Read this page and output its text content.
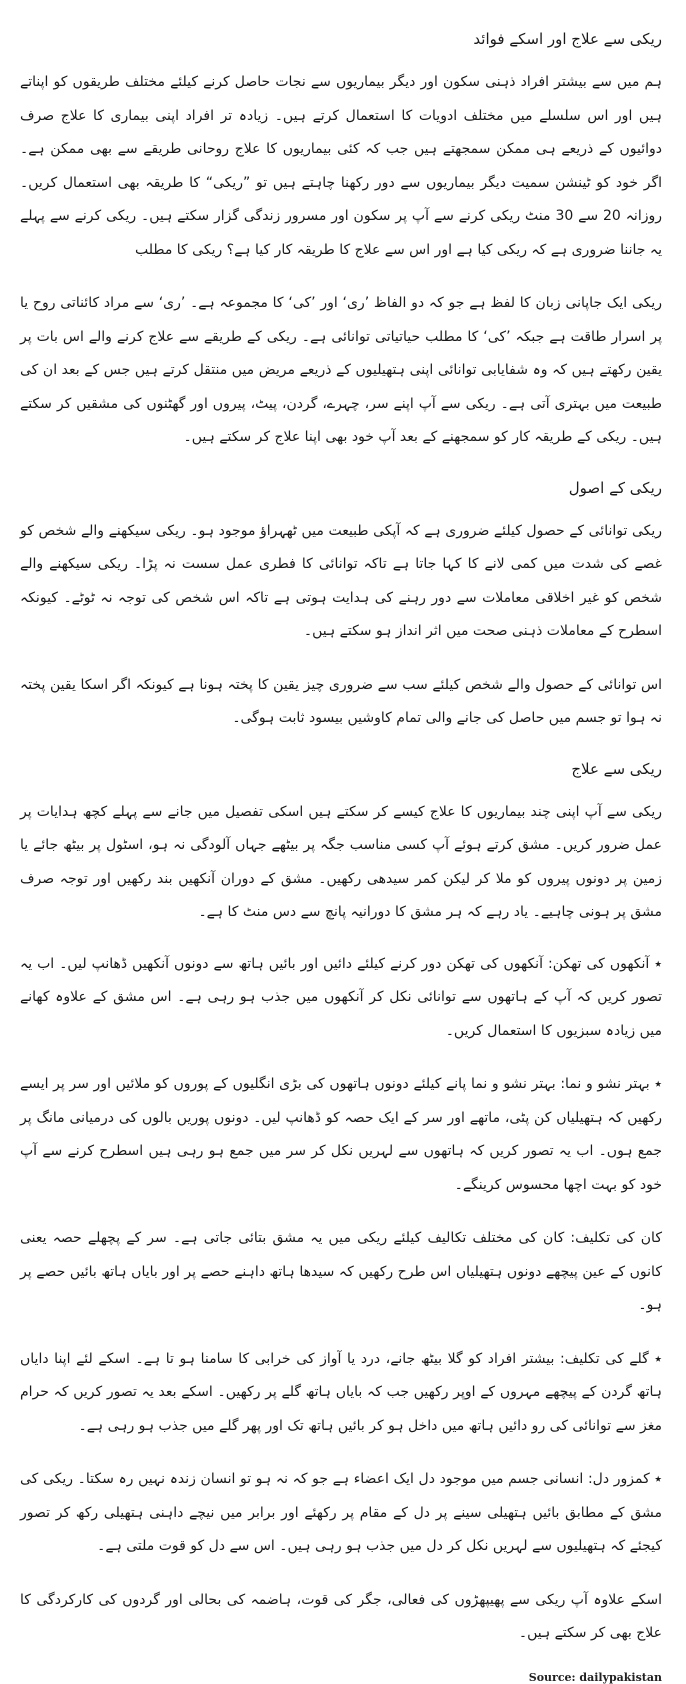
ریکی سے علاج اور اسکے فوائد

ہم میں سے بیشتر افراد ذہنی سکون اور دیگر بیماریوں سے نجات حاصل کرنے کیلئے مختلف طریقوں کو اپناتے ہیں اور اس سلسلے میں مختلف ادویات کا استعمال کرتے ہیں۔ زیادہ تر افراد اپنی بیماری کا علاج صرف دوائیوں کے ذریعے ہی ممکن سمجھتے ہیں جب کہ کئی بیماریوں کا علاج روحانی طریقے سے بھی ممکن ہے۔ اگر خود کو ٹینشن سمیت دیگر بیماریوں سے دور رکھنا چاہتے ہیں تو ”ریکی“ کا طریقہ بھی استعمال کریں۔ روزانہ 20 سے 30 منٹ ریکی کرنے سے آپ پر سکون اور مسرور زندگی گزار سکتے ہیں۔ ریکی کرنے سے پہلے یہ جاننا ضروری ہے کہ ریکی کیا ہے اور اس سے علاج کا طریقہ کار کیا ہے؟ ریکی کا مطلب

ریکی ایک جاپانی زبان کا لفظ ہے جو کہ دو الفاظ ’ری‘ اور ’کی‘ کا مجموعہ ہے۔ ’ری‘ سے مراد کائناتی روح یا پر اسرار طاقت ہے جبکہ ’کی‘ کا مطلب حیاتیاتی توانائی ہے۔ ریکی کے طریقے سے علاج کرنے والے اس بات پر یقین رکھتے ہیں کہ وہ شفایابی توانائی اپنی ہتھیلیوں کے ذریعے مریض میں منتقل کرتے ہیں جس کے بعد ان کی طبیعت میں بہتری آتی ہے۔ ریکی سے آپ اپنے سر، چہرے، گردن، پیٹ، پیروں اور گھٹنوں کی مشقیں کر سکتے ہیں۔ ریکی کے طریقہ کار کو سمجھنے کے بعد آپ خود بھی اپنا علاج کر سکتے ہیں۔

ریکی کے اصول

ریکی توانائی کے حصول کیلئے ضروری ہے کہ آپکی طبیعت میں ٹھہراؤ موجود ہو۔ ریکی سیکھنے والے شخص کو غصے کی شدت میں کمی لانے کا کہا جاتا ہے تاکہ توانائی کا فطری عمل سست نہ پڑا۔ ریکی سیکھنے والے شخص کو غیر اخلاقی معاملات سے دور رہنے کی ہدایت ہوتی ہے تاکہ اس شخص کی توجہ نہ ٹوٹے۔ کیونکہ اسطرح کے معاملات ذہنی صحت میں اثر انداز ہو سکتے ہیں۔

اس توانائی کے حصول والے شخص کیلئے سب سے ضروری چیز یقین کا پختہ ہونا ہے کیونکہ اگر اسکا یقین پختہ نہ ہوا تو جسم میں حاصل کی جانے والی تمام کاوشیں بیسود ثابت ہوگی۔

ریکی سے علاج

ریکی سے آپ اپنی چند بیماریوں کا علاج کیسے کر سکتے ہیں اسکی تفصیل میں جانے سے پہلے کچھ ہدایات پر عمل ضرور کریں۔ مشق کرتے ہوئے آپ کسی مناسب جگہ پر بیٹھے جہاں آلودگی نہ ہو، اسٹول پر بیٹھ جائے یا زمین پر دونوں پیروں کو ملا کر لیکن کمر سیدھی رکھیں۔ مشق کے دوران آنکھیں بند رکھیں اور توجہ صرف مشق پر ہونی چاہیے۔ یاد رہے کہ ہر مشق کا دورانیہ پانچ سے دس منٹ کا ہے۔

٭ آنکھوں کی تھکن: آنکھوں کی تھکن دور کرنے کیلئے دائیں اور بائیں ہاتھ سے دونوں آنکھیں ڈھانپ لیں۔ اب یہ تصور کریں کہ آپ کے ہاتھوں سے توانائی نکل کر آنکھوں میں جذب ہو رہی ہے۔ اس مشق کے علاوہ کھانے میں زیادہ سبزیوں کا استعمال کریں۔

٭ بہتر نشو و نما: بہتر نشو و نما پانے کیلئے دونوں ہاتھوں کی بڑی انگلیوں کے پوروں کو ملائیں اور سر پر ایسے رکھیں کہ ہتھیلیاں کن پٹی، ماتھے اور سر کے ایک حصہ کو ڈھانپ لیں۔ دونوں پوریں بالوں کی درمیانی مانگ پر جمع ہوں۔ اب یہ تصور کریں کہ ہاتھوں سے لہریں نکل کر سر میں جمع ہو رہی ہیں اسطرح کرنے سے آپ خود کو بہت اچھا محسوس کرینگے۔

کان کی تکلیف: کان کی مختلف تکالیف کیلئے ریکی میں یہ مشق بتائی جاتی ہے۔ سر کے پچھلے حصہ یعنی کانوں کے عین پیچھے دونوں ہتھیلیاں اس طرح رکھیں کہ سیدھا ہاتھ داہنے حصے پر اور بایاں ہاتھ بائیں حصے پر ہو۔

٭ گلے کی تکلیف: بیشتر افراد کو گلا بیٹھ جانے، درد یا آواز کی خرابی کا سامنا ہو تا ہے۔ اسکے لئے اپنا دایاں ہاتھ گردن کے پیچھے مہروں کے اوپر رکھیں جب کہ بایاں ہاتھ گلے پر رکھیں۔ اسکے بعد یہ تصور کریں کہ حرام مغز سے توانائی کی رو دائیں ہاتھ میں داخل ہو کر بائیں ہاتھ تک اور پھر گلے میں جذب ہو رہی ہے۔

٭ کمزور دل: انسانی جسم میں موجود دل ایک اعضاء ہے جو کہ نہ ہو تو انسان زندہ نہیں رہ سکتا۔ ریکی کی مشق کے مطابق بائیں ہتھیلی سینے پر دل کے مقام پر رکھئے اور برابر میں نیچے داہنی ہتھیلی رکھ کر تصور کیجئے کہ ہتھیلیوں سے لہریں نکل کر دل میں جذب ہو رہی ہیں۔ اس سے دل کو قوت ملتی ہے۔

اسکے علاوہ آپ ریکی سے پھیپھڑوں کی فعالی، جگر کی قوت، ہاضمہ کی بحالی اور گردوں کی کارکردگی کا علاج بھی کر سکتے ہیں۔

Source: dailypakistan
